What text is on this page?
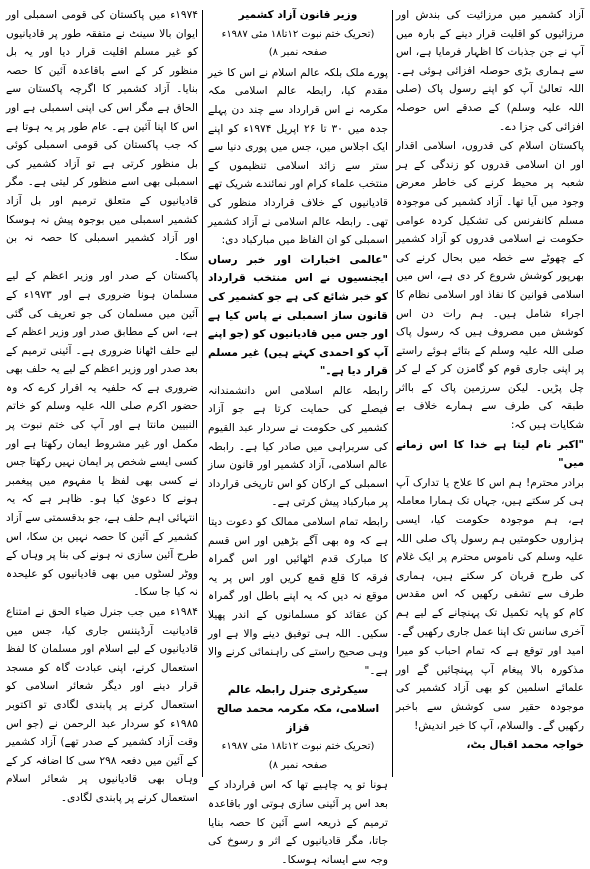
آزاد کشمیر میں مرزائیت کی بندش اور مرزائیوں کو اقلیت قرار دینے کے بارہ میں آپ نے جن جذبات کا اظہار فرمایا ہے، اس سے ہماری بڑی حوصلہ افزائی ہوئی ہے۔ اللہ تعالیٰ آپ کو اپنے رسول پاک (صلی اللہ علیہ وسلم) کے صدقے اس حوصلہ افزائی کی جزا دے۔

پاکستان اسلام کی قدروں، اسلامی اقدار اور ان اسلامی قدروں کو زندگی کے ہر شعبہ پر محیط کرنے کی خاطر معرض وجود میں آیا تھا۔ آزاد کشمیر کی موجودہ مسلم کانفرنس کی تشکیل کردہ عوامی حکومت نے اسلامی قدروں کو آزاد کشمیر کے چھوٹے سے خطہ میں بحال کرنے کی بھرپور کوشش شروع کر دی ہے، اس میں اسلامی قوانین کا نفاذ اور اسلامی نظام کا اجراء شامل ہیں۔ ہم رات دن اس کوشش میں مصروف ہیں کہ رسول پاک صلی اللہ علیہ وسلم کے بتائے ہوئے راستے پر اپنی جاری قوم کو گامزن کر کے لے کر چل پڑیں۔ لیکن سرزمین پاک کے بااثر طبقہ کی طرف سے ہمارے خلاف بے شکایات ہیں کہ:

"اکبر نام لیتا ہے خدا کا اس زمانے میں"

برادر محترم! ہم اس کا علاج یا تدارک آپ ہی کر سکتے ہیں، جہاں تک ہمارا معاملہ ہے، ہم موجودہ حکومت کیا، ایسی ہزاروں حکومتیں ہم رسول پاک صلی اللہ علیہ وسلم کی ناموس محترم پر ایک غلام کی طرح قربان کر سکتے ہیں، ہماری طرف سے تشفی رکھیں کہ اس مقدس کام کو پایہ تکمیل تک پہنچانے کے لیے ہم آخری سانس تک اپنا عمل جاری رکھیں گے۔

امید اور توقع ہے کہ تمام احباب کو میرا مذکورہ بالا پیغام آپ پہنچائیں گے اور علمائے اسلمین کو بھی آزاد کشمیر کی موجودہ حقیر سی کوشش سے باخبر رکھیں گے۔ والسلام، آپ کا خیر اندیش!

خواجہ محمد اقبال بٹ،

وزیر قانون آزاد کشمیر

(تحریک ختم نبوت ۱۲تا۱۸ مئی ۱۹۸۷ء صفحہ نمبر ۸)

پورے ملک بلکہ عالم اسلام نے اس کا خیر مقدم کیا، رابطہ عالم اسلامی مکہ مکرمہ نے اس قرارداد سے چند دن پہلے جدہ میں ۳۰ تا ۲۶ اپریل ۱۹۷۴ء کو اپنے ایک اجلاس میں، جس میں پوری دنیا سے ستر سے زائد اسلامی تنظیموں کے منتخب علماء کرام اور نمائندے شریک تھے قادیانیوں کے خلاف قرارداد منظور کی تھی۔ رابطہ عالم اسلامی نے آزاد کشمیر اسمبلی کو ان الفاظ میں مبارکباد دی:

"عالمی اخبارات اور خبر رساں ایجنسیوں نے اس منتخب قرارداد کو خبر شائع کی ہے جو کشمیر کی قانون ساز اسمبلی نے پاس کیا ہے اور جس میں قادیانیوں کو (جو اپنے آپ کو احمدی کہتے ہیں) غیر مسلم قرار دیا ہے۔"

رابطہ عالم اسلامی اس دانشمندانہ فیصلے کی حمایت کرتا ہے جو آزاد کشمیر کی حکومت نے سردار عبد القیوم کی سربراہی میں صادر کیا ہے۔ رابطہ عالم اسلامی، آزاد کشمیر اور قانون ساز اسمبلی کے ارکان کو اس تاریخی قرارداد پر مبارکباد پیش کرتی ہے۔

رابطہ تمام اسلامی ممالک کو دعوت دیتا ہے کہ وہ بھی آگے بڑھیں اور اس قسم کا مبارک قدم اٹھائیں اور اس گمراہ فرقہ کا قلع قمع کریں اور اس پر یہ موقع نہ دیں کہ یہ اپنے باطل اور گمراہ کن عقائد کو مسلمانوں کے اندر پھیلا سکیں۔ اللہ ہی توفیق دینے والا ہے اور وہی صحیح راستے کی راہنمائی کرنے والا ہے۔"

سیکرٹری جنرل رابطہ عالم اسلامی، مکہ مکرمہ محمد صالح قزاز

(تحریک ختم نبوت ۱۲تا۱۸ مئی ۱۹۸۷ء صفحہ نمبر ۸)

ہونا تو یہ چاہیے تھا کہ اس قرارداد کے بعد اس پر آئینی سازی ہوتی اور باقاعدہ ترمیم کے ذریعہ اسے آئین کا حصہ بنایا جاتا، مگر قادیانیوں کے اثر و رسوخ کی وجہ سے ایسانہ ہوسکا۔

۱۹۷۴ء میں پاکستان کی قومی اسمبلی اور ایوان بالا سینٹ نے متفقہ طور پر قادیانیوں کو غیر مسلم اقلیت قرار دیا اور یہ بل منظور کر کے اسے باقاعدہ آئین کا حصہ بنایا۔ آزاد کشمیر کا اگرچہ پاکستان سے الحاق ہے مگر اس کی اپنی اسمبلی ہے اور اس کا اپنا آئین ہے۔ عام طور پر یہ ہوتا ہے کہ جب پاکستان کی قومی اسمبلی کوئی بل منظور کرتی ہے تو آزاد کشمیر کی اسمبلی بھی اسے منظور کر لیتی ہے۔ مگر قادیانیوں کے متعلق ترمیم اور بل آزاد کشمیر اسمبلی میں بوجوہ پیش نہ ہوسکا اور آزاد کشمیر اسمبلی کا حصہ نہ بن سکا۔

پاکستان کے صدر اور وزیر اعظم کے لیے مسلمان ہونا ضروری ہے اور ۱۹۷۳ء کے آئین میں مسلمان کی جو تعریف کی گئی ہے، اس کے مطابق صدر اور وزیر اعظم کے لیے حلف اٹھانا ضروری ہے۔ آئینی ترمیم کے بعد صدر اور وزیر اعظم کے لیے یہ حلف بھی ضروری ہے کہ حلفیہ یہ اقرار کرے کہ وہ حضور اکرم صلی اللہ علیہ وسلم کو خاتم النبیین مانتا ہے اور آپ کی ختم نبوت پر مکمل اور غیر مشروط ایمان رکھتا ہے اور کسی ایسے شخص پر ایمان نہیں رکھتا جس نے کسی بھی لفظ یا مفہوم میں پیغمبر ہونے کا دعویٰ کیا ہو۔ ظاہر ہے کہ یہ انتہائی اہم حلف ہے، جو بدقسمتی سے آزاد کشمیر کے آئین کا حصہ نہیں بن سکا، اس طرح آئین سازی نہ ہونے کی بنا پر وہاں کے ووٹر لسٹوں میں بھی قادیانیوں کو علیحدہ نہ کیا جا سکا۔

۱۹۸۴ء میں جب جنرل ضیاء الحق نے امتناع قادیانیت آرڈیننس جاری کیا، جس میں قادیانیوں کے لیے اسلام اور مسلمان کا لفظ استعمال کرنے، اپنی عبادت گاہ کو مسجد قرار دینے اور دیگر شعائر اسلامی کو استعمال کرنے پر پابندی لگادی تو اکتوبر ۱۹۸۵ء کو سردار عبد الرحمن نے (جو اس وقت آزاد کشمیر کے صدر تھے) آزاد کشمیر کے آئین میں دفعہ ۲۹۸ سی کا اضافہ کر کے وہاں بھی قادیانیوں پر شعائر اسلام استعمال کرنے پر پابندی لگادی۔
